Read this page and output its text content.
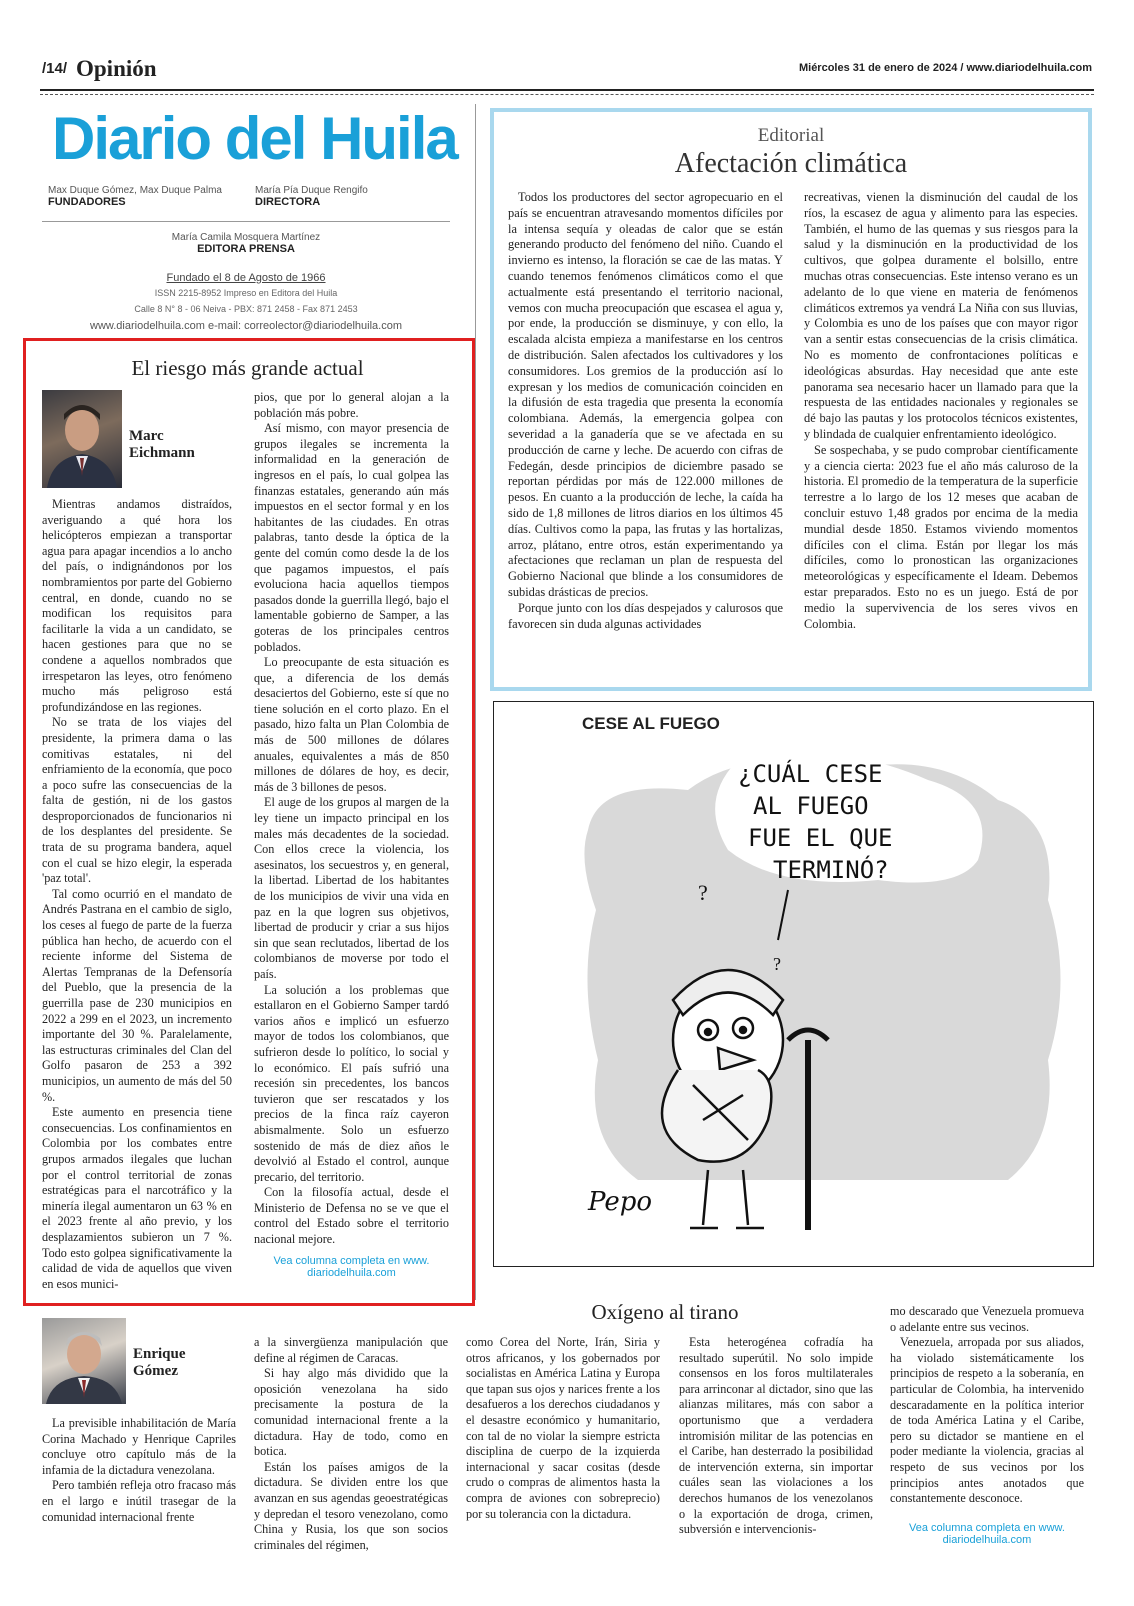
/14/ Opinión	Miércoles 31 de enero de 2024 / www.diariodelhuila.com
Diario del Huila
Max Duque Gómez, Max Duque Palma
FUNDADORES
María Pía Duque Rengifo
DIRECTORA
María Camila Mosquera Martínez
EDITORA PRENSA
Fundado el 8 de Agosto de 1966
ISSN 2215-8952 Impreso en Editora del Huila
Calle 8 N° 8 - 06 Neiva - PBX: 871 2458 - Fax 871 2453
www.diariodelhuila.com e-mail: correolector@diariodelhuila.com
El riesgo más grande actual
Marc Eichmann

Mientras andamos distraídos, averiguando a qué hora los helicópteros empiezan a transportar agua para apagar incendios a lo ancho del país, o indignándonos por los nombramientos por parte del Gobierno central, en donde, cuando no se modifican los requisitos para facilitarle la vida a un candidato, se hacen gestiones para que no se condene a aquellos nombrados que irrespetaron las leyes, otro fenómeno mucho más peligroso está profundizándose en las regiones.

No se trata de los viajes del presidente, la primera dama o las comitivas estatales, ni del enfriamiento de la economía, que poco a poco sufre las consecuencias de la falta de gestión, ni de los gastos desproporcionados de funcionarios ni de los desplantes del presidente. Se trata de su programa bandera, aquel con el cual se hizo elegir, la esperada 'paz total'.

Tal como ocurrió en el mandato de Andrés Pastrana en el cambio de siglo, los ceses al fuego de parte de la fuerza pública han hecho, de acuerdo con el reciente informe del Sistema de Alertas Tempranas de la Defensoría del Pueblo, que la presencia de la guerrilla pase de 230 municipios en 2022 a 299 en el 2023, un incremento importante del 30 %. Paralelamente, las estructuras criminales del Clan del Golfo pasaron de 253 a 392 municipios, un aumento de más del 50 %.

Este aumento en presencia tiene consecuencias. Los confinamientos en Colombia por los combates entre grupos armados ilegales que luchan por el control territorial de zonas estratégicas para el narcotráfico y la minería ilegal aumentaron un 63 % en el 2023 frente al año previo, y los desplazamientos subieron un 7 %. Todo esto golpea significativamente la calidad de vida de aquellos que viven en esos munici-

pios, que por lo general alojan a la población más pobre.

Así mismo, con mayor presencia de grupos ilegales se incrementa la informalidad en la generación de ingresos en el país, lo cual golpea las finanzas estatales, generando aún más impuestos en el sector formal y en los habitantes de las ciudades. En otras palabras, tanto desde la óptica de la gente del común como desde la de los que pagamos impuestos, el país evoluciona hacia aquellos tiempos pasados donde la guerrilla llegó, bajo el lamentable gobierno de Samper, a las goteras de los principales centros poblados.

Lo preocupante de esta situación es que, a diferencia de los demás desaciertos del Gobierno, este sí que no tiene solución en el corto plazo. En el pasado, hizo falta un Plan Colombia de más de 500 millones de dólares anuales, equivalentes a más de 850 millones de dólares de hoy, es decir, más de 3 billones de pesos.

El auge de los grupos al margen de la ley tiene un impacto principal en los males más decadentes de la sociedad. Con ellos crece la violencia, los asesinatos, los secuestros y, en general, la libertad. Libertad de los habitantes de los municipios de vivir una vida en paz en la que logren sus objetivos, libertad de producir y criar a sus hijos sin que sean reclutados, libertad de los colombianos de moverse por todo el país.

La solución a los problemas que estallaron en el Gobierno Samper tardó varios años e implicó un esfuerzo mayor de todos los colombianos, que sufrieron desde lo político, lo social y lo económico. El país sufrió una recesión sin precedentes, los bancos tuvieron que ser rescatados y los precios de la finca raíz cayeron abismalmente. Solo un esfuerzo sostenido de más de diez años le devolvió al Estado el control, aunque precario, del territorio.

Con la filosofía actual, desde el Ministerio de Defensa no se ve que el control del Estado sobre el territorio nacional mejore.

Vea columna completa en www. diariodelhuila.com
Editorial
Afectación climática

Todos los productores del sector agropecuario en el país se encuentran atravesando momentos difíciles por la intensa sequía y oleadas de calor que se están generando producto del fenómeno del niño. Cuando el invierno es intenso, la floración se cae de las matas. Y cuando tenemos fenómenos climáticos como el que actualmente está presentando el territorio nacional, vemos con mucha preocupación que escasea el agua y, por ende, la producción se disminuye, y con ello, la escalada alcista empieza a manifestarse en los centros de distribución. Salen afectados los cultivadores y los consumidores. Los gremios de la producción así lo expresan y los medios de comunicación coinciden en la difusión de esta tragedia que presenta la economía colombiana. Además, la emergencia golpea con severidad a la ganadería que se ve afectada en su producción de carne y leche. De acuerdo con cifras de Fedegán, desde principios de diciembre pasado se reportan pérdidas por más de 122.000 millones de pesos. En cuanto a la producción de leche, la caída ha sido de 1,8 millones de litros diarios en los últimos 45 días. Cultivos como la papa, las frutas y las hortalizas, arroz, plátano, entre otros, están experimentando ya afectaciones que reclaman un plan de respuesta del Gobierno Nacional que blinde a los consumidores de subidas drásticas de precios.

Porque junto con los días despejados y calurosos que favorecen sin duda algunas actividades

recreativas, vienen la disminución del caudal de los ríos, la escasez de agua y alimento para las especies. También, el humo de las quemas y sus riesgos para la salud y la disminución en la productividad de los cultivos, que golpea duramente el bolsillo, entre muchas otras consecuencias. Este intenso verano es un adelanto de lo que viene en materia de fenómenos climáticos extremos ya vendrá La Niña con sus lluvias, y Colombia es uno de los países que con mayor rigor van a sentir estas consecuencias de la crisis climática. No es momento de confrontaciones políticas e ideológicas absurdas. Hay necesidad que ante este panorama sea necesario hacer un llamado para que la respuesta de las entidades nacionales y regionales se dé bajo las pautas y los protocolos técnicos existentes, y blindada de cualquier enfrentamiento ideológico.

Se sospechaba, y se pudo comprobar científicamente y a ciencia cierta: 2023 fue el año más caluroso de la historia. El promedio de la temperatura de la superficie terrestre a lo largo de los 12 meses que acaban de concluir estuvo 1,48 grados por encima de la media mundial desde 1850. Estamos viviendo momentos difíciles con el clima. Están por llegar los más difíciles, como lo pronostican las organizaciones meteorológicas y específicamente el Ideam. Debemos estar preparados. Esto no es un juego. Está de por medio la supervivencia de los seres vivos en Colombia.

CESE AL FUEGO
¿CUÁL CESE
AL FUEGO
FUE EL QUE
TERMINÓ?
?
?
Pepo
Oxígeno al tirano
Enrique Gómez

La previsible inhabilitación de María Corina Machado y Henrique Capriles concluye otro capítulo más de la infamia de la dictadura venezolana.

Pero también refleja otro fracaso más en el largo e inútil trasegar de la comunidad internacional frente

a la sinvergüenza manipulación que define al régimen de Caracas.

Si hay algo más dividido que la oposición venezolana ha sido precisamente la postura de la comunidad internacional frente a la dictadura. Hay de todo, como en botica.

Están los países amigos de la dictadura. Se dividen entre los que avanzan en sus agendas geoestratégicas y depredan el tesoro venezolano, como China y Rusia, los que son socios criminales del régimen,

como Corea del Norte, Irán, Siria y otros africanos, y los gobernados por socialistas en América Latina y Europa que tapan sus ojos y narices frente a los desafueros a los derechos ciudadanos y el desastre económico y humanitario, con tal de no violar la siempre estricta disciplina de cuerpo de la izquierda internacional y sacar cositas (desde crudo o compras de alimentos hasta la compra de aviones con sobreprecio) por su tolerancia con la dictadura.

Esta heterogénea cofradía ha resultado superútil. No solo impide consensos en los foros multilaterales para arrinconar al dictador, sino que las alianzas militares, más con sabor a oportunismo que a verdadera intromisión militar de las potencias en el Caribe, han desterrado la posibilidad de intervención externa, sin importar cuáles sean las violaciones a los derechos humanos de los venezolanos o la exportación de droga, crimen, subversión e intervencionis-

mo descarado que Venezuela promueva o adelante entre sus vecinos.

Venezuela, arropada por sus aliados, ha violado sistemáticamente los principios de respeto a la soberanía, en particular de Colombia, ha intervenido descaradamente en la política interior de toda América Latina y el Caribe, pero su dictador se mantiene en el poder mediante la violencia, gracias al respeto de sus vecinos por los principios antes anotados que constantemente desconoce.

Vea columna completa en www. diariodelhuila.com
